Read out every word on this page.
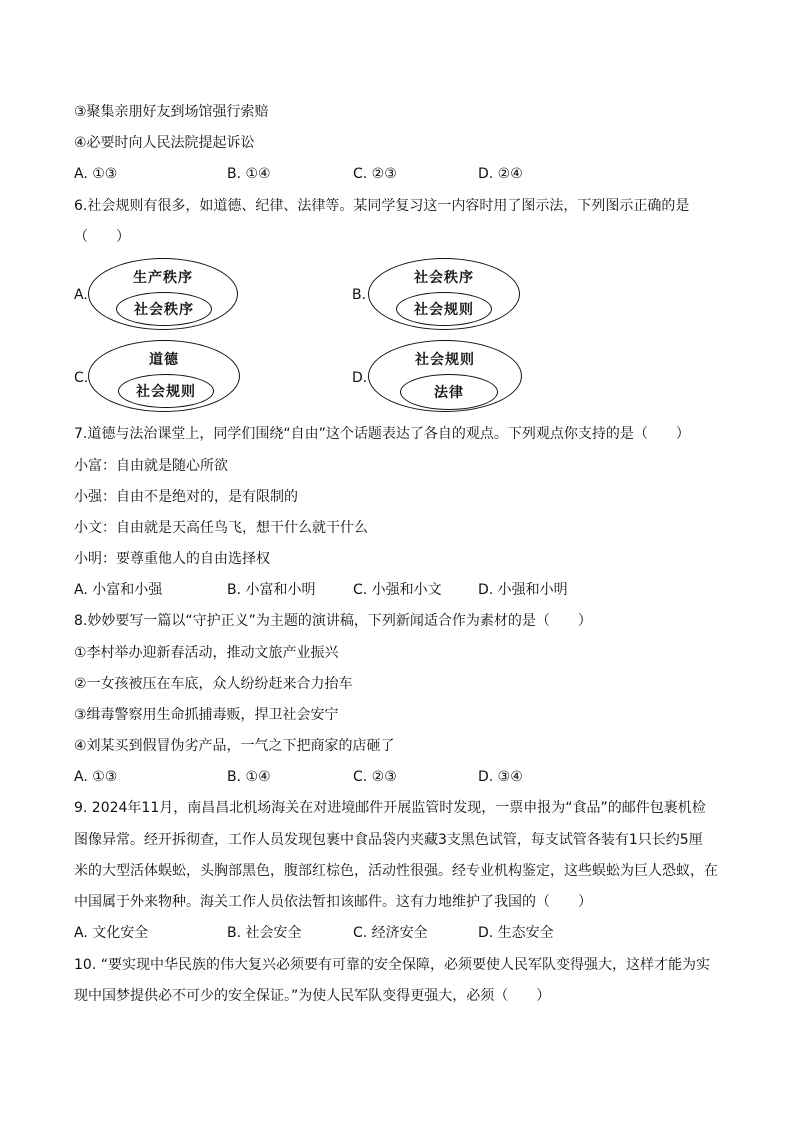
③聚集亲朋好友到场馆强行索赔
④必要时向人民法院提起诉讼
A. ①③	B. ①④	C. ②③	D. ②④
6.社会规则有很多，如道德、纪律、法律等。某同学复习这一内容时用了图示法，下列图示正确的是
（　　）
A.
生产秩序
社会秩序
B.
社会秩序
社会规则
C.
道德
社会规则
D.
社会规则
法律
7.道德与法治课堂上，同学们围绕“自由”这个话题表达了各自的观点。下列观点你支持的是（　　）
小富：自由就是随心所欲
小强：自由不是绝对的，是有限制的
小文：自由就是天高任鸟飞，想干什么就干什么
小明：要尊重他人的自由选择权
A. 小富和小强	B. 小富和小明	C. 小强和小文	D. 小强和小明
8.妙妙要写一篇以“守护正义”为主题的演讲稿，下列新闻适合作为素材的是（　　）
①李村举办迎新春活动，推动文旅产业振兴
②一女孩被压在车底，众人纷纷赶来合力抬车
③缉毒警察用生命抓捕毒贩，捍卫社会安宁
④刘某买到假冒伪劣产品，一气之下把商家的店砸了
A. ①③	B. ①④	C. ②③	D. ③④
9. 2024年11月，南昌昌北机场海关在对进境邮件开展监管时发现，一票申报为“食品”的邮件包裹机检
图像异常。经开拆彻查，工作人员发现包裹中食品袋内夹藏3支黑色试管，每支试管各装有1只长约5厘
米的大型活体蜈蚣，头胸部黑色，腹部红棕色，活动性很强。经专业机构鉴定，这些蜈蚣为巨人恐蚁，在
中国属于外来物种。海关工作人员依法暂扣该邮件。这有力地维护了我国的（　　）
A. 文化安全	B. 社会安全	C. 经济安全	D. 生态安全
10. “要实现中华民族的伟大复兴必须要有可靠的安全保障，必须要使人民军队变得强大，这样才能为实
现中国梦提供必不可少的安全保证。”为使人民军队变得更强大，必须（　　）
